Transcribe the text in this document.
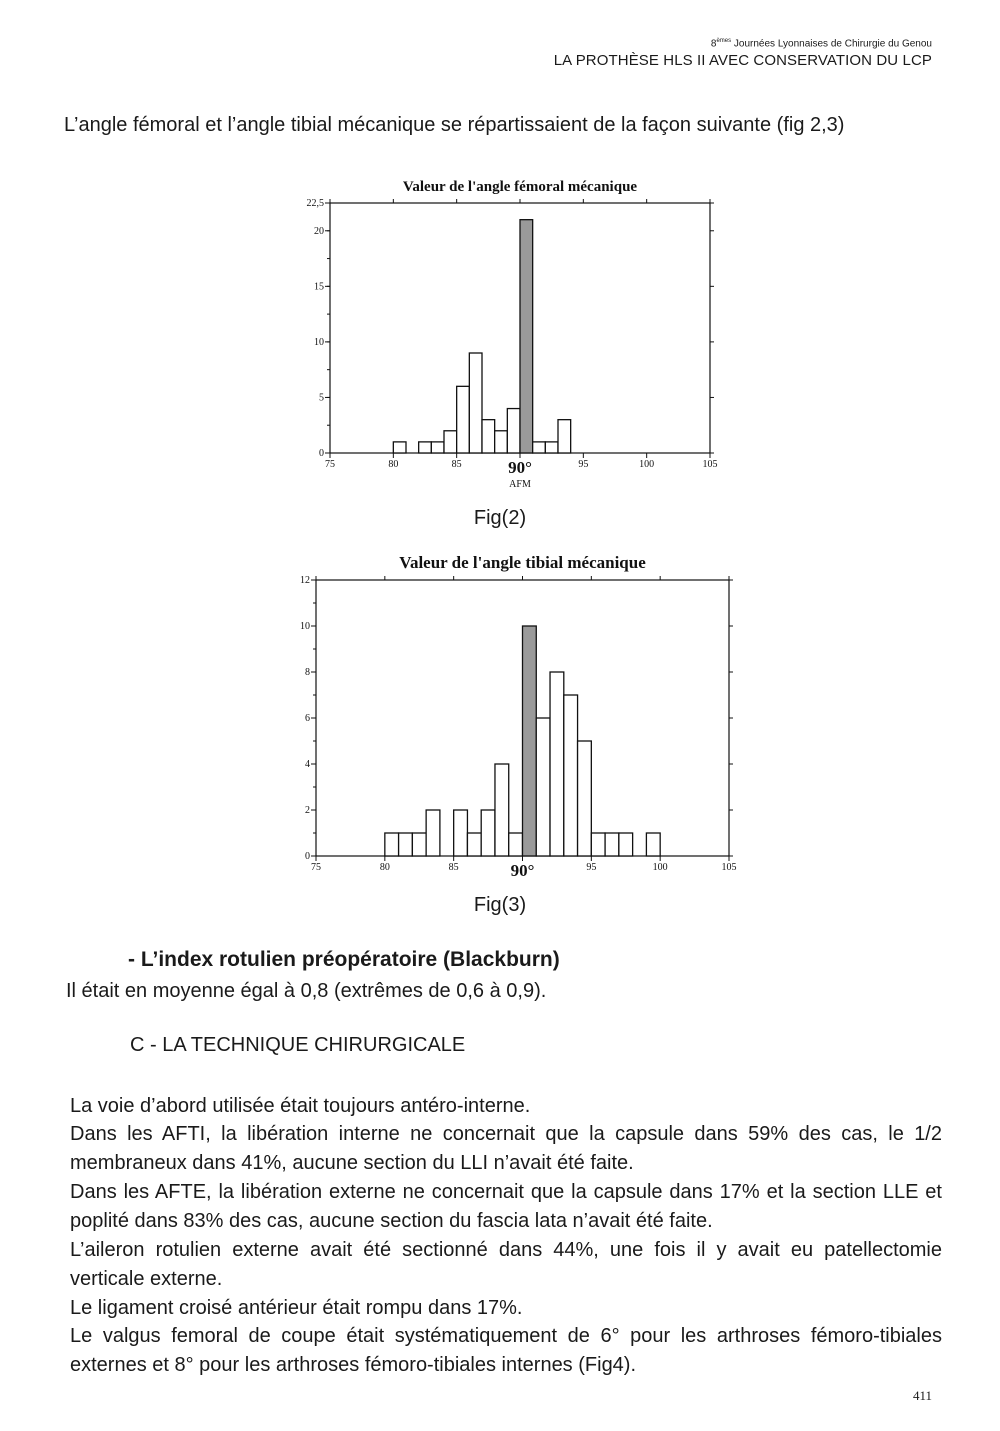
8èmes Journées Lyonnaises de Chirurgie du Genou
LA PROTHÈSE HLS II AVEC CONSERVATION DU LCP
L’angle fémoral et l’angle tibial mécanique se répartissaient de la façon suivante (fig 2,3)
Valeur de l'angle fémoral mécanique
0
5
10
15
20
22,5
75	80	85	90°	95	100	105
AFM
Fig(2)
Valeur de l'angle tibial mécanique
0
2
4
6
8
10
12
75	80	85	90°	95	100	105
Fig(3)
- L’index rotulien préopératoire (Blackburn)
Il était en moyenne égal à 0,8 (extrêmes de 0,6 à 0,9).
C - LA TECHNIQUE CHIRURGICALE
La voie d’abord utilisée était toujours antéro-interne.
Dans les AFTI, la libération interne ne concernait que la capsule dans 59% des cas, le 1/2 membraneux dans 41%, aucune section du LLI n’avait été faite.
Dans les AFTE, la libération externe ne concernait que la capsule dans 17% et la section LLE et poplité dans 83% des cas, aucune section du fascia lata n’avait été faite.
L’aileron rotulien externe avait été sectionné dans 44%, une fois il y avait eu patellectomie verticale externe.
Le ligament croisé antérieur était rompu dans 17%.
Le valgus femoral de coupe était systématiquement de 6° pour les arthroses fémoro-tibiales externes et 8° pour les arthroses fémoro-tibiales internes (Fig4).
411
